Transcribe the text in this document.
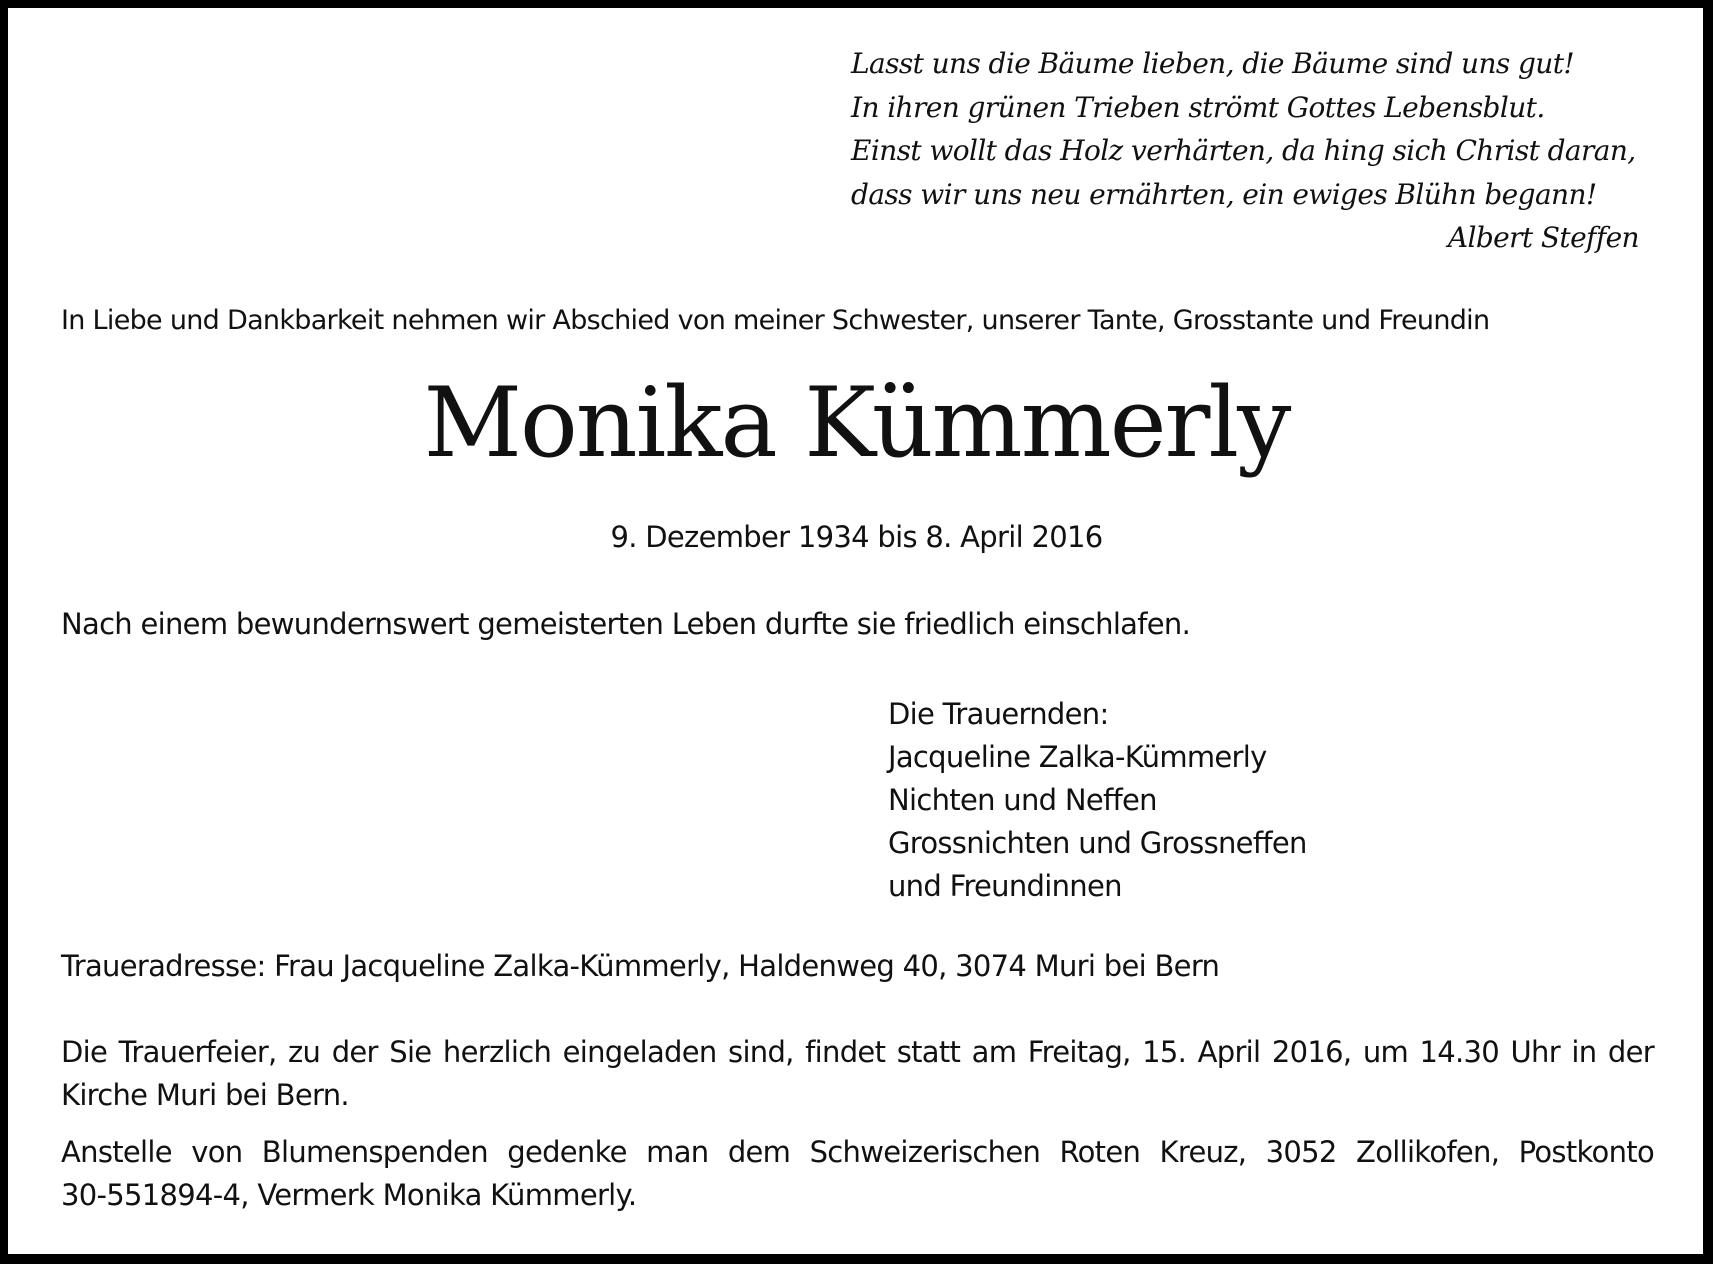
Lasst uns die Bäume lieben, die Bäume sind uns gut!
In ihren grünen Trieben strömt Gottes Lebensblut.
Einst wollt das Holz verhärten, da hing sich Christ daran,
dass wir uns neu ernährten, ein ewiges Blühn begann!
Albert Steffen
In Liebe und Dankbarkeit nehmen wir Abschied von meiner Schwester, unserer Tante, Grosstante und Freundin
Monika Kümmerly
9. Dezember 1934 bis 8. April 2016
Nach einem bewundernswert gemeisterten Leben durfte sie friedlich einschlafen.
Die Trauernden:
Jacqueline Zalka-Kümmerly
Nichten und Neffen
Grossnichten und Grossneffen
und Freundinnen
Traueradresse: Frau Jacqueline Zalka-Kümmerly, Haldenweg 40, 3074 Muri bei Bern
Die Trauerfeier, zu der Sie herzlich eingeladen sind, findet statt am Freitag, 15. April 2016, um 14.30 Uhr in der
Kirche Muri bei Bern.
Anstelle von Blumenspenden gedenke man dem Schweizerischen Roten Kreuz, 3052 Zollikofen, Postkonto
30-551894-4, Vermerk Monika Kümmerly.
